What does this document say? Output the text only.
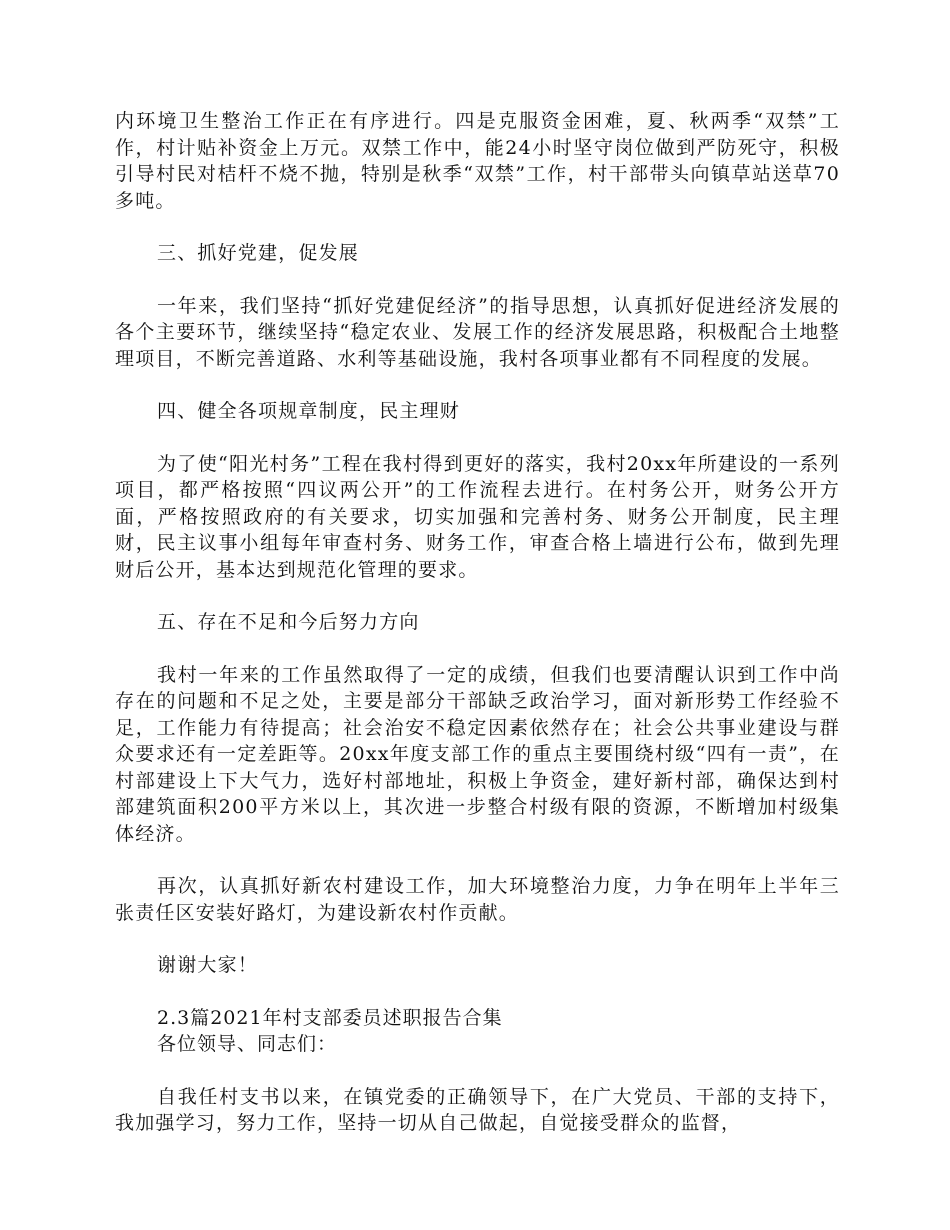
内环境卫生整治工作正在有序进行。四是克服资金困难，夏、秋两季“双禁”工作，村计贴补资金上万元。双禁工作中，能24小时坚守岗位做到严防死守，积极引导村民对桔杆不烧不抛，特别是秋季“双禁”工作，村干部带头向镇草站送草70多吨。

三、抓好党建，促发展

一年来，我们坚持“抓好党建促经济”的指导思想，认真抓好促进经济发展的各个主要环节，继续坚持“稳定农业、发展工作的经济发展思路，积极配合土地整理项目，不断完善道路、水利等基础设施，我村各项事业都有不同程度的发展。

四、健全各项规章制度，民主理财

为了使“阳光村务”工程在我村得到更好的落实，我村20xx年所建设的一系列项目，都严格按照“四议两公开”的工作流程去进行。在村务公开，财务公开方面，严格按照政府的有关要求，切实加强和完善村务、财务公开制度，民主理财，民主议事小组每年审查村务、财务工作，审查合格上墙进行公布，做到先理财后公开，基本达到规范化管理的要求。

五、存在不足和今后努力方向

我村一年来的工作虽然取得了一定的成绩，但我们也要清醒认识到工作中尚存在的问题和不足之处，主要是部分干部缺乏政治学习，面对新形势工作经验不足，工作能力有待提高；社会治安不稳定因素依然存在；社会公共事业建设与群众要求还有一定差距等。20xx年度支部工作的重点主要围绕村级“四有一责”，在村部建设上下大气力，选好村部地址，积极上争资金，建好新村部，确保达到村部建筑面积200平方米以上，其次进一步整合村级有限的资源，不断增加村级集体经济。

再次，认真抓好新农村建设工作，加大环境整治力度，力争在明年上半年三张责任区安装好路灯，为建设新农村作贡献。

谢谢大家！

2.3篇2021年村支部委员述职报告合集

各位领导、同志们：

自我任村支书以来，在镇党委的正确领导下，在广大党员、干部的支持下，我加强学习，努力工作，坚持一切从自己做起，自觉接受群众的监督，
